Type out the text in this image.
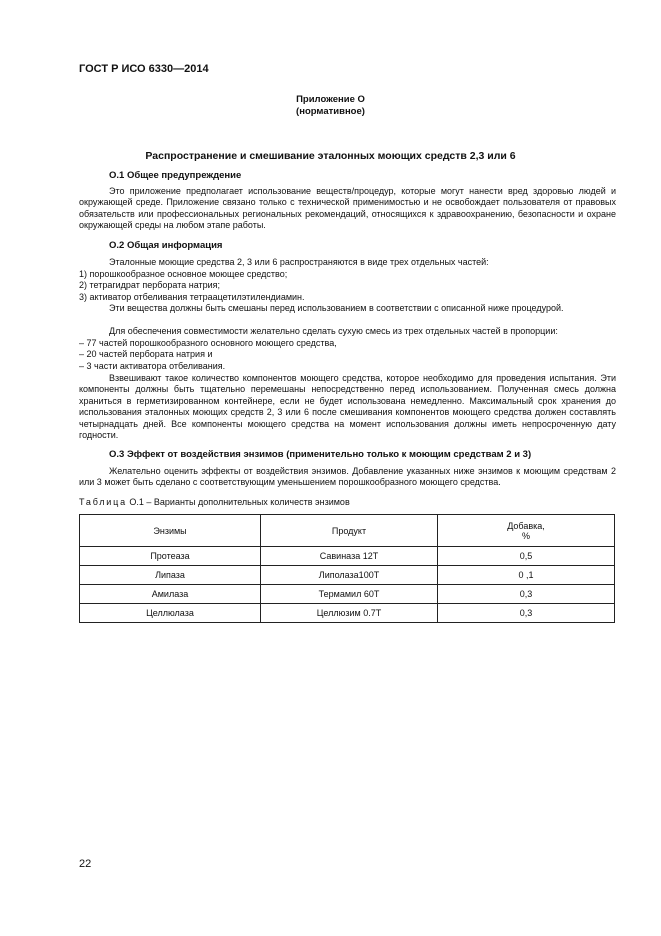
ГОСТ Р ИСО 6330—2014
Приложение О
(нормативное)
Распространение и смешивание эталонных моющих средств 2,3 или 6
О.1 Общее предупреждение
Это приложение предполагает использование веществ/процедур, которые могут нанести вред здоровью людей и окружающей среде. Приложение связано только с технической применимостью и не освобождает пользователя от правовых обязательств или профессиональных региональных рекомендаций, относящихся к здравоохранению, безопасности и охране окружающей среды на любом этапе работы.
О.2 Общая информация
Эталонные моющие средства 2, 3 или 6 распространяются в виде трех отдельных частей:
1) порошкообразное основное моющее средство;
2) тетрагидрат пербората натрия;
3) активатор отбеливания тетраацетилэтилендиамин.
Эти вещества должны быть смешаны перед использованием в соответствии с описанной ниже процедурой.
Для обеспечения совместимости желательно сделать сухую смесь из трех отдельных частей в пропорции:
– 77 частей порошкообразного основного моющего средства,
– 20 частей пербората натрия и
– 3 части активатора отбеливания.
Взвешивают такое количество компонентов моющего средства, которое необходимо для проведения испытания. Эти компоненты должны быть тщательно перемешаны непосредственно перед использованием. Полученная смесь должна храниться в герметизированном контейнере, если не будет использована немедленно. Максимальный срок хранения до использования эталонных моющих средств 2, 3 или 6 после смешивания компонентов моющего средства должен составлять четырнадцать дней. Все компоненты моющего средства на момент использования должны иметь непросроченную дату годности.
О.3 Эффект от воздействия энзимов (применительно только к моющим средствам 2 и 3)
Желательно оценить эффекты от воздействия энзимов. Добавление указанных ниже энзимов к моющим средствам 2 или 3 может быть сделано с соответствующим уменьшением порошкообразного моющего средства.
Таблица О.1 – Варианты дополнительных количеств энзимов
Энзимы	Продукт	Добавка,
%
Протеаза	Савиназа 12Т	0,5
Липаза	Липолаза100Т	0 ,1
Амилаза	Термамил 60Т	0,3
Целлюлаза	Целлюзим 0.7Т	0,3
22
